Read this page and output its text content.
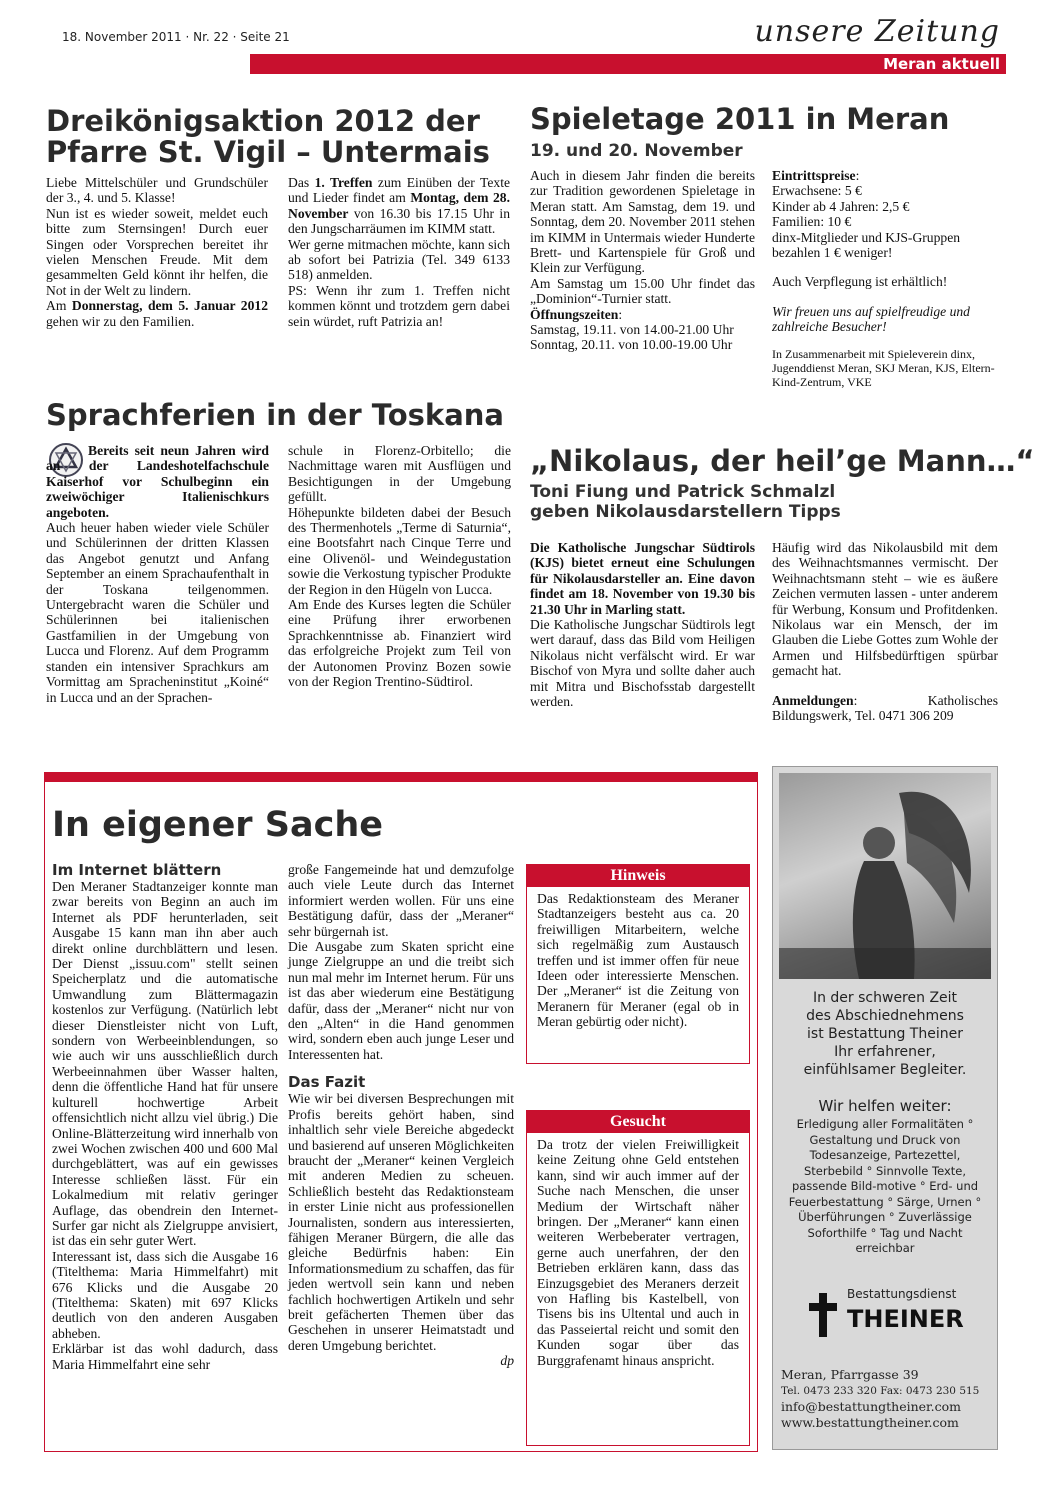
18. November 2011 · Nr. 22 · Seite 21	unsere Zeitung
Meran aktuell
Dreikönigsaktion 2012 der
Pfarre St. Vigil – Untermais

Liebe Mittelschüler und Grundschüler der 3., 4. und 5. Klasse!

Nun ist es wieder soweit, meldet euch bitte zum Sternsingen! Durch euer Singen oder Vorsprechen bereitet ihr vielen Menschen Freude. Mit dem gesammelten Geld könnt ihr helfen, die Not in der Welt zu lindern.

Am Donnerstag, dem 5. Januar 2012 gehen wir zu den Familien.

Das 1. Treffen zum Einüben der Texte und Lieder findet am Montag, dem 28. November von 16.30 bis 17.15 Uhr in den Jungscharräumen im KIMM statt.

Wer gerne mitmachen möchte, kann sich ab sofort bei Patrizia (Tel. 349 6133 518) anmelden.

PS: Wenn ihr zum 1. Treffen nicht kommen könnt und trotzdem gern dabei sein würdet, ruft Patrizia an!

Spieletage 2011 in Meran
19. und 20. November

Auch in diesem Jahr finden die bereits zur Tradition gewordenen Spieletage in Meran statt. Am Samstag, dem 19. und Sonntag, dem 20. November 2011 stehen im KIMM in Untermais wieder Hunderte Brett- und Kartenspiele für Groß und Klein zur Verfügung.

Am Samstag um 15.00 Uhr findet das „Dominion“-Turnier statt.

Öffnungszeiten:

Samstag, 19.11. von 14.00-21.00 Uhr

Sonntag, 20.11. von 10.00-19.00 Uhr

Eintrittspreise:

Erwachsene: 5 €

Kinder ab 4 Jahren: 2,5 €

Familien: 10 €

dinx-Mitglieder und KJS-Gruppen bezahlen 1 € weniger!

Auch Verpflegung ist erhältlich!

Wir freuen uns auf spielfreudige und zahlreiche Besucher!

In Zusammenarbeit mit Spieleverein dinx, Jugenddienst Meran, SKJ Meran, KJS, Eltern-Kind-Zentrum, VKE

Sprachferien in der Toskana

Bereits seit neun Jahren wird an der Landeshotelfachschule Kaiserhof vor Schulbeginn ein zweiwöchiger Italienischkurs angeboten.

Auch heuer haben wieder viele Schüler und Schülerinnen der dritten Klassen das Angebot genutzt und Anfang September an einem Sprachaufenthalt in der Toskana teilgenommen. Untergebracht waren die Schüler und Schülerinnen bei italienischen Gastfamilien in der Umgebung von Lucca und Florenz. Auf dem Programm standen ein intensiver Sprachkurs am Vormittag am Spracheninstitut „Koiné“ in Lucca und an der Sprachen-

schule in Florenz-Orbitello; die Nachmittage waren mit Ausflügen und Besichtigungen in der Umgebung gefüllt.

Höhepunkte bildeten dabei der Besuch des Thermenhotels „Terme di Saturnia“, eine Bootsfahrt nach Cinque Terre und eine Olivenöl- und Weindegustation sowie die Verkostung typischer Produkte der Region in den Hügeln von Lucca.

Am Ende des Kurses legten die Schüler eine Prüfung ihrer erworbenen Sprachkenntnisse ab. Finanziert wird das erfolgreiche Projekt zum Teil von der Autonomen Provinz Bozen sowie von der Region Trentino-Südtirol.

„Nikolaus, der heil’ge Mann…“
Toni Fiung und Patrick Schmalzl
geben Nikolausdarstellern Tipps

Die Katholische Jungschar Südtirols (KJS) bietet erneut eine Schulungen für Nikolausdarsteller an. Eine davon findet am 18. November von 19.30 bis 21.30 Uhr in Marling statt.

Die Katholische Jungschar Südtirols legt wert darauf, dass das Bild vom Heiligen Nikolaus nicht verfälscht wird. Er war Bischof von Myra und sollte daher auch mit Mitra und Bischofsstab dargestellt werden.

Häufig wird das Nikolausbild mit dem des Weihnachtsmannes vermischt. Der Weihnachtsmann steht – wie es äußere Zeichen vermuten lassen - unter anderem für Werbung, Konsum und Profitdenken. Nikolaus war ein Mensch, der im Glauben die Liebe Gottes zum Wohle der Armen und Hilfsbedürftigen spürbar gemacht hat.

Anmeldungen: Katholisches Bildungswerk, Tel. 0471 306 209

In eigener Sache
Im Internet blättern

Den Meraner Stadtanzeiger konnte man zwar bereits von Beginn an auch im Internet als PDF herunterladen, seit Ausgabe 15 kann man ihn aber auch direkt online durchblättern und lesen. Der Dienst „issuu.com" stellt seinen Speicherplatz und die automatische Umwandlung zum Blättermagazin kostenlos zur Verfügung. (Natürlich lebt dieser Dienstleister nicht von Luft, sondern von Werbeeinblendungen, so wie auch wir uns ausschließlich durch Werbeeinnahmen über Wasser halten, denn die öffentliche Hand hat für unsere kulturell hochwertige Arbeit offensichtlich nicht allzu viel übrig.) Die Online-Blätterzeitung wird innerhalb von zwei Wochen zwischen 400 und 600 Mal durchgeblättert, was auf ein gewisses Interesse schließen lässt. Für ein Lokalmedium mit relativ geringer Auflage, das obendrein den Internet-Surfer gar nicht als Zielgruppe anvisiert, ist das ein sehr guter Wert.

Interessant ist, dass sich die Ausgabe 16 (Titelthema: Maria Himmelfahrt) mit 676 Klicks und die Ausgabe 20 (Titelthema: Skaten) mit 697 Klicks deutlich von den anderen Ausgaben abheben.

Erklärbar ist das wohl dadurch, dass Maria Himmelfahrt eine sehr

große Fangemeinde hat und demzufolge auch viele Leute durch das Internet informiert werden wollen. Für uns eine Bestätigung dafür, dass der „Meraner“ sehr bürgernah ist.

Die Ausgabe zum Skaten spricht eine junge Zielgruppe an und die treibt sich nun mal mehr im Internet herum. Für uns ist das aber wiederum eine Bestätigung dafür, dass der „Meraner“ nicht nur von den „Alten“ in die Hand genommen wird, sondern eben auch junge Leser und Interessenten hat.

Das Fazit

Wie wir bei diversen Besprechungen mit Profis bereits gehört haben, sind inhaltlich sehr viele Bereiche abgedeckt und basierend auf unseren Möglichkeiten braucht der „Meraner“ keinen Vergleich mit anderen Medien zu scheuen. Schließlich besteht das Redaktionsteam in erster Linie nicht aus professionellen Journalisten, sondern aus interessierten, fähigen Meraner Bürgern, die alle das gleiche Bedürfnis haben: Ein Informationsmedium zu schaffen, das für jeden wertvoll sein kann und neben fachlich hochwertigen Artikeln und sehr breit gefächerten Themen über das Geschehen in unserer Heimatstadt und deren Umgebung berichtet.

dp

Hinweis
Das Redaktionsteam des Meraner Stadtanzeigers besteht aus ca. 20 freiwilligen Mitarbeitern, welche sich regelmäßig zum Austausch treffen und ist immer offen für neue Ideen oder interessierte Menschen. Der „Meraner“ ist die Zeitung von Meranern für Meraner (egal ob in Meran gebürtig oder nicht).
Gesucht
Da trotz der vielen Freiwilligkeit keine Zeitung ohne Geld entstehen kann, sind wir auch immer auf der Suche nach Menschen, die unser Medium der Wirtschaft näher bringen. Der „Meraner“ kann einen weiteren Werbeberater vertragen, gerne auch unerfahren, der den Betrieben erklären kann, dass das Einzugsgebiet des Meraners derzeit von Hafling bis Kastelbell, von Tisens bis ins Ultental und auch in das Passeiertal reicht und somit den Kunden sogar über das Burggrafenamt hinaus anspricht.
In der schweren Zeit
des Abschiednehmens
ist Bestattung Theiner
Ihr erfahrener,
einfühlsamer Begleiter.
Wir helfen weiter:
Erledigung aller Formalitäten ° Gestaltung und Druck von Todesanzeige, Partezettel, Sterbebild ° Sinnvolle Texte, passende Bild-motive ° Erd- und Feuerbestattung ° Särge, Urnen ° Überführungen ° Zuverlässige Soforthilfe ° Tag und Nacht erreichbar
Bestattungsdienst
THEINER
Meran, Pfarrgasse 39
Tel. 0473 233 320 Fax: 0473 230 515
info@bestattungtheiner.com
www.bestattungtheiner.com
